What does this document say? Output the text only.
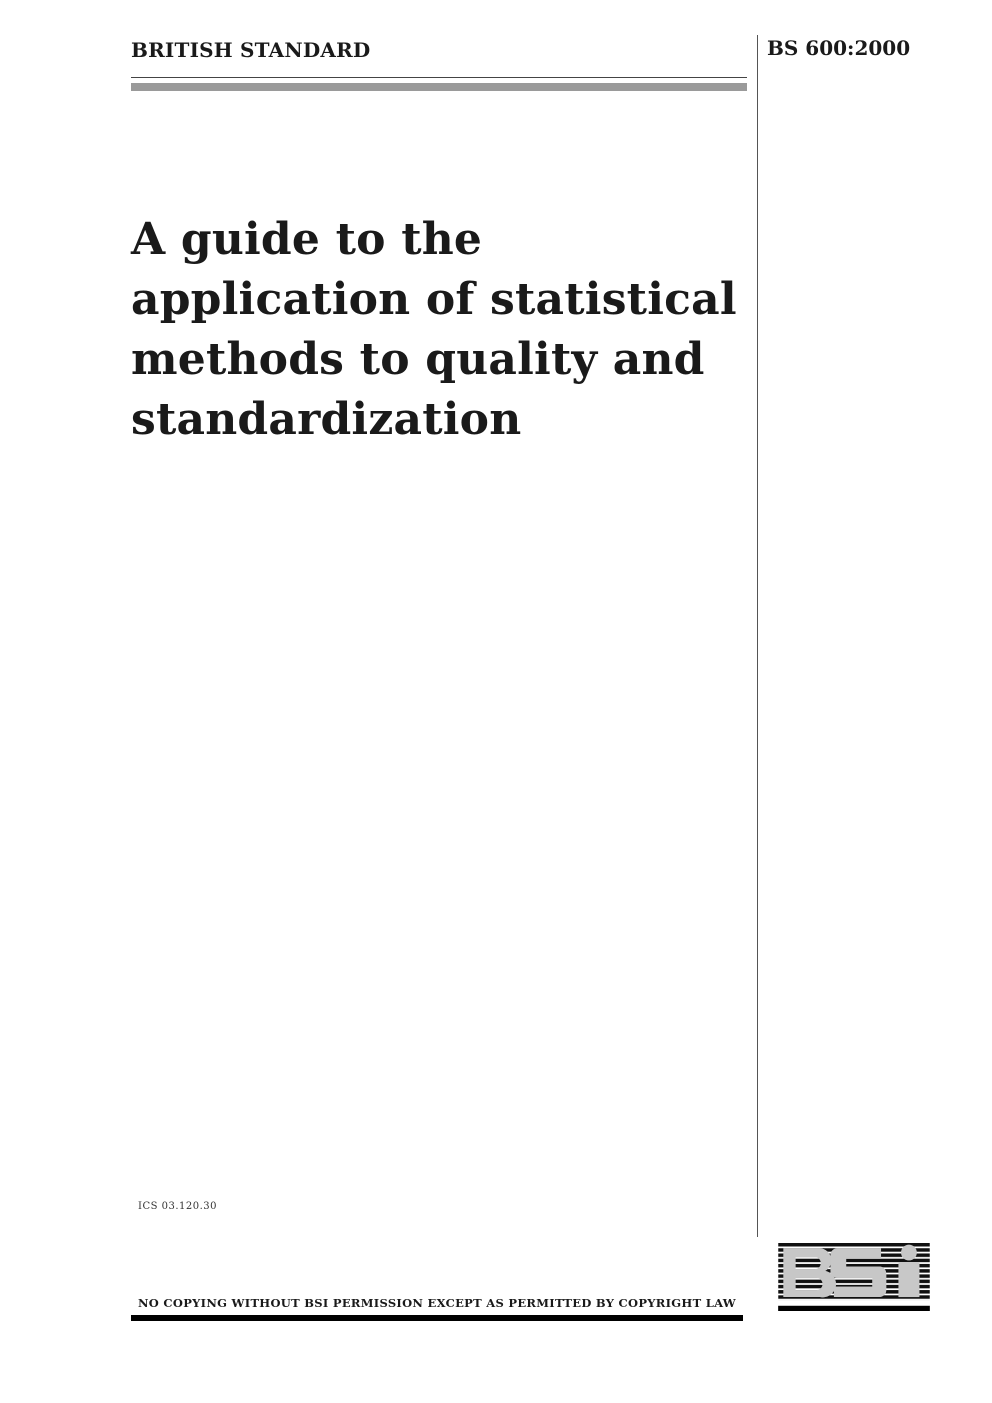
BRITISH STANDARD	BS 600:2000
A guide to the
application of statistical
methods to quality and
standardization
ICS 03.120.30
NO COPYING WITHOUT BSI PERMISSION EXCEPT AS PERMITTED BY COPYRIGHT LAW
